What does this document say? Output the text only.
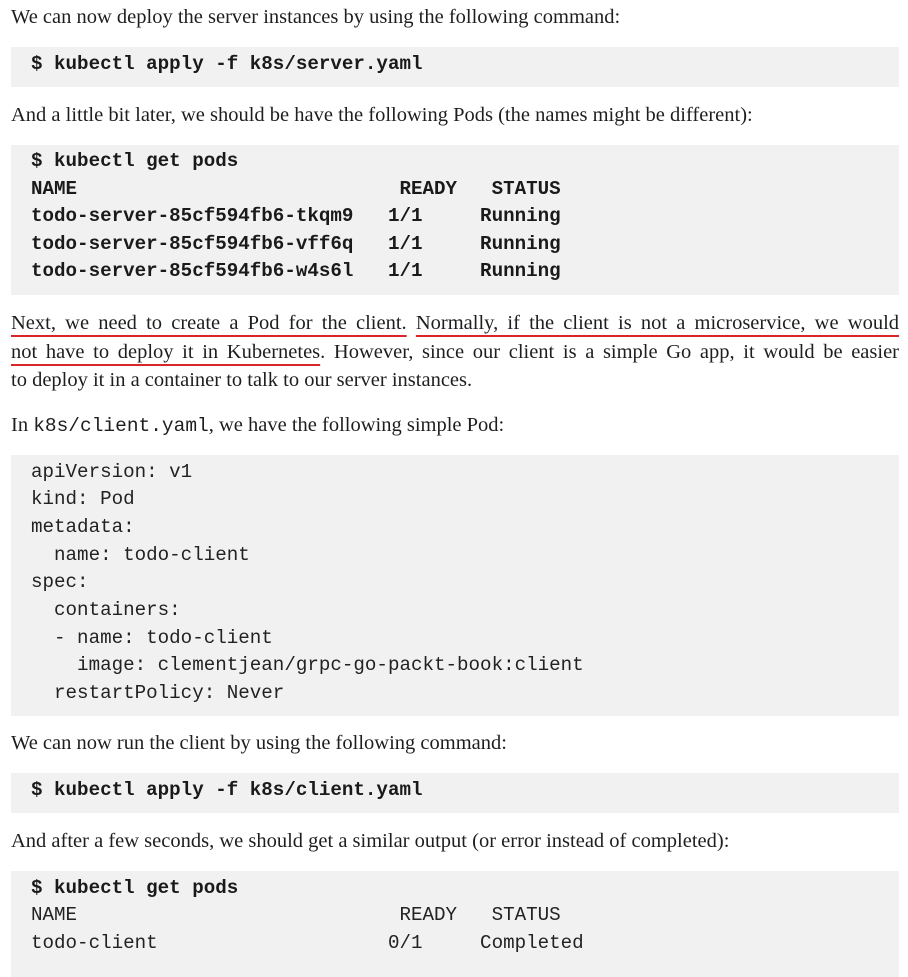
We can now deploy the server instances by using the following command:
$ kubectl apply -f k8s/server.yaml
And a little bit later, we should be have the following Pods (the names might be different):
$ kubectl get pods
NAME                            READY   STATUS
todo-server-85cf594fb6-tkqm9   1/1     Running
todo-server-85cf594fb6-vff6q   1/1     Running
todo-server-85cf594fb6-w4s6l   1/1     Running
Next, we need to create a Pod for the client. Normally, if the client is not a microservice, we would
not have to deploy it in Kubernetes. However, since our client is a simple Go app, it would be easier
to deploy it in a container to talk to our server instances.
In k8s/client.yaml, we have the following simple Pod:
apiVersion: v1
kind: Pod
metadata:
name: todo-client
spec:
containers:
- name: todo-client
image: clementjean/grpc-go-packt-book:client
restartPolicy: Never
We can now run the client by using the following command:
$ kubectl apply -f k8s/client.yaml
And after a few seconds, we should get a similar output (or error instead of completed):
$ kubectl get pods
NAME                            READY   STATUS
todo-client                    0/1     Completed
